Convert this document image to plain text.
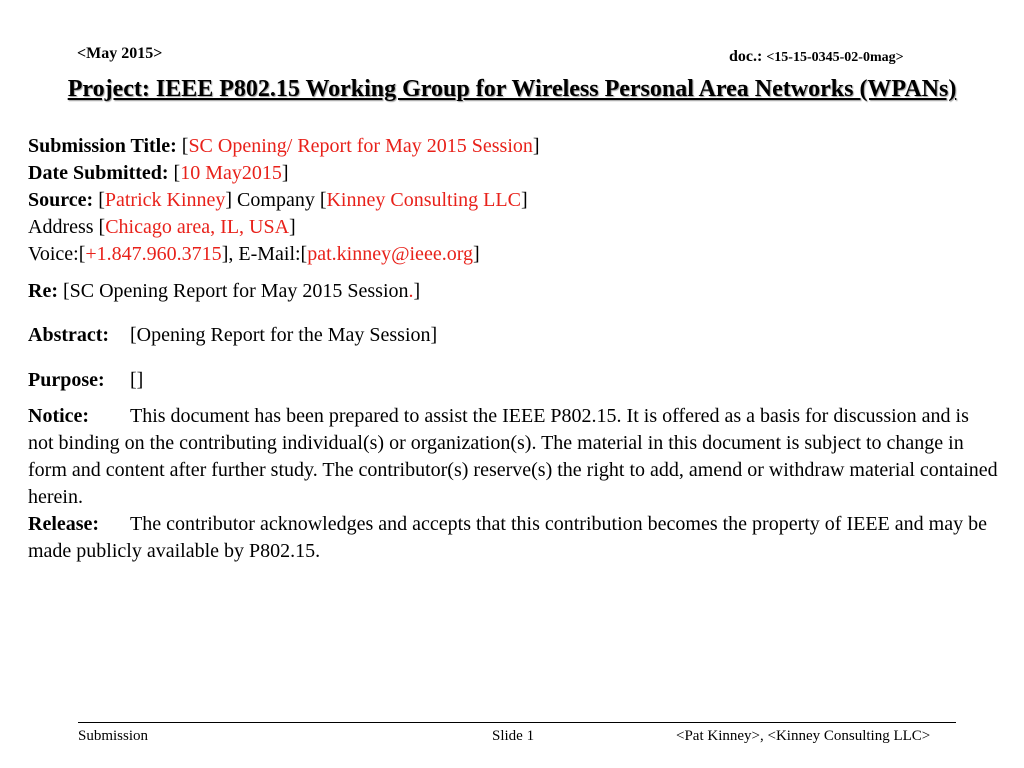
<May 2015>	doc.: <15-15-0345-02-0mag>
Project: IEEE P802.15 Working Group for Wireless Personal Area Networks (WPANs)
Submission Title: [SC Opening/ Report for May 2015 Session]
Date Submitted: [10 May2015]
Source: [Patrick Kinney] Company [Kinney Consulting LLC]
Address [Chicago area, IL, USA]
Voice:[+1.847.960.3715], E-Mail:[pat.kinney@ieee.org]
Re: [SC Opening Report for May 2015 Session.]
Abstract: [Opening Report for the May Session]
Purpose: []
Notice: This document has been prepared to assist the IEEE P802.15. It is offered as a basis for discussion and is not binding on the contributing individual(s) or organization(s). The material in this document is subject to change in form and content after further study. The contributor(s) reserve(s) the right to add, amend or withdraw material contained herein.
Release: The contributor acknowledges and accepts that this contribution becomes the property of IEEE and may be made publicly available by P802.15.
Submission	Slide 1	<Pat Kinney>, <Kinney Consulting LLC>
